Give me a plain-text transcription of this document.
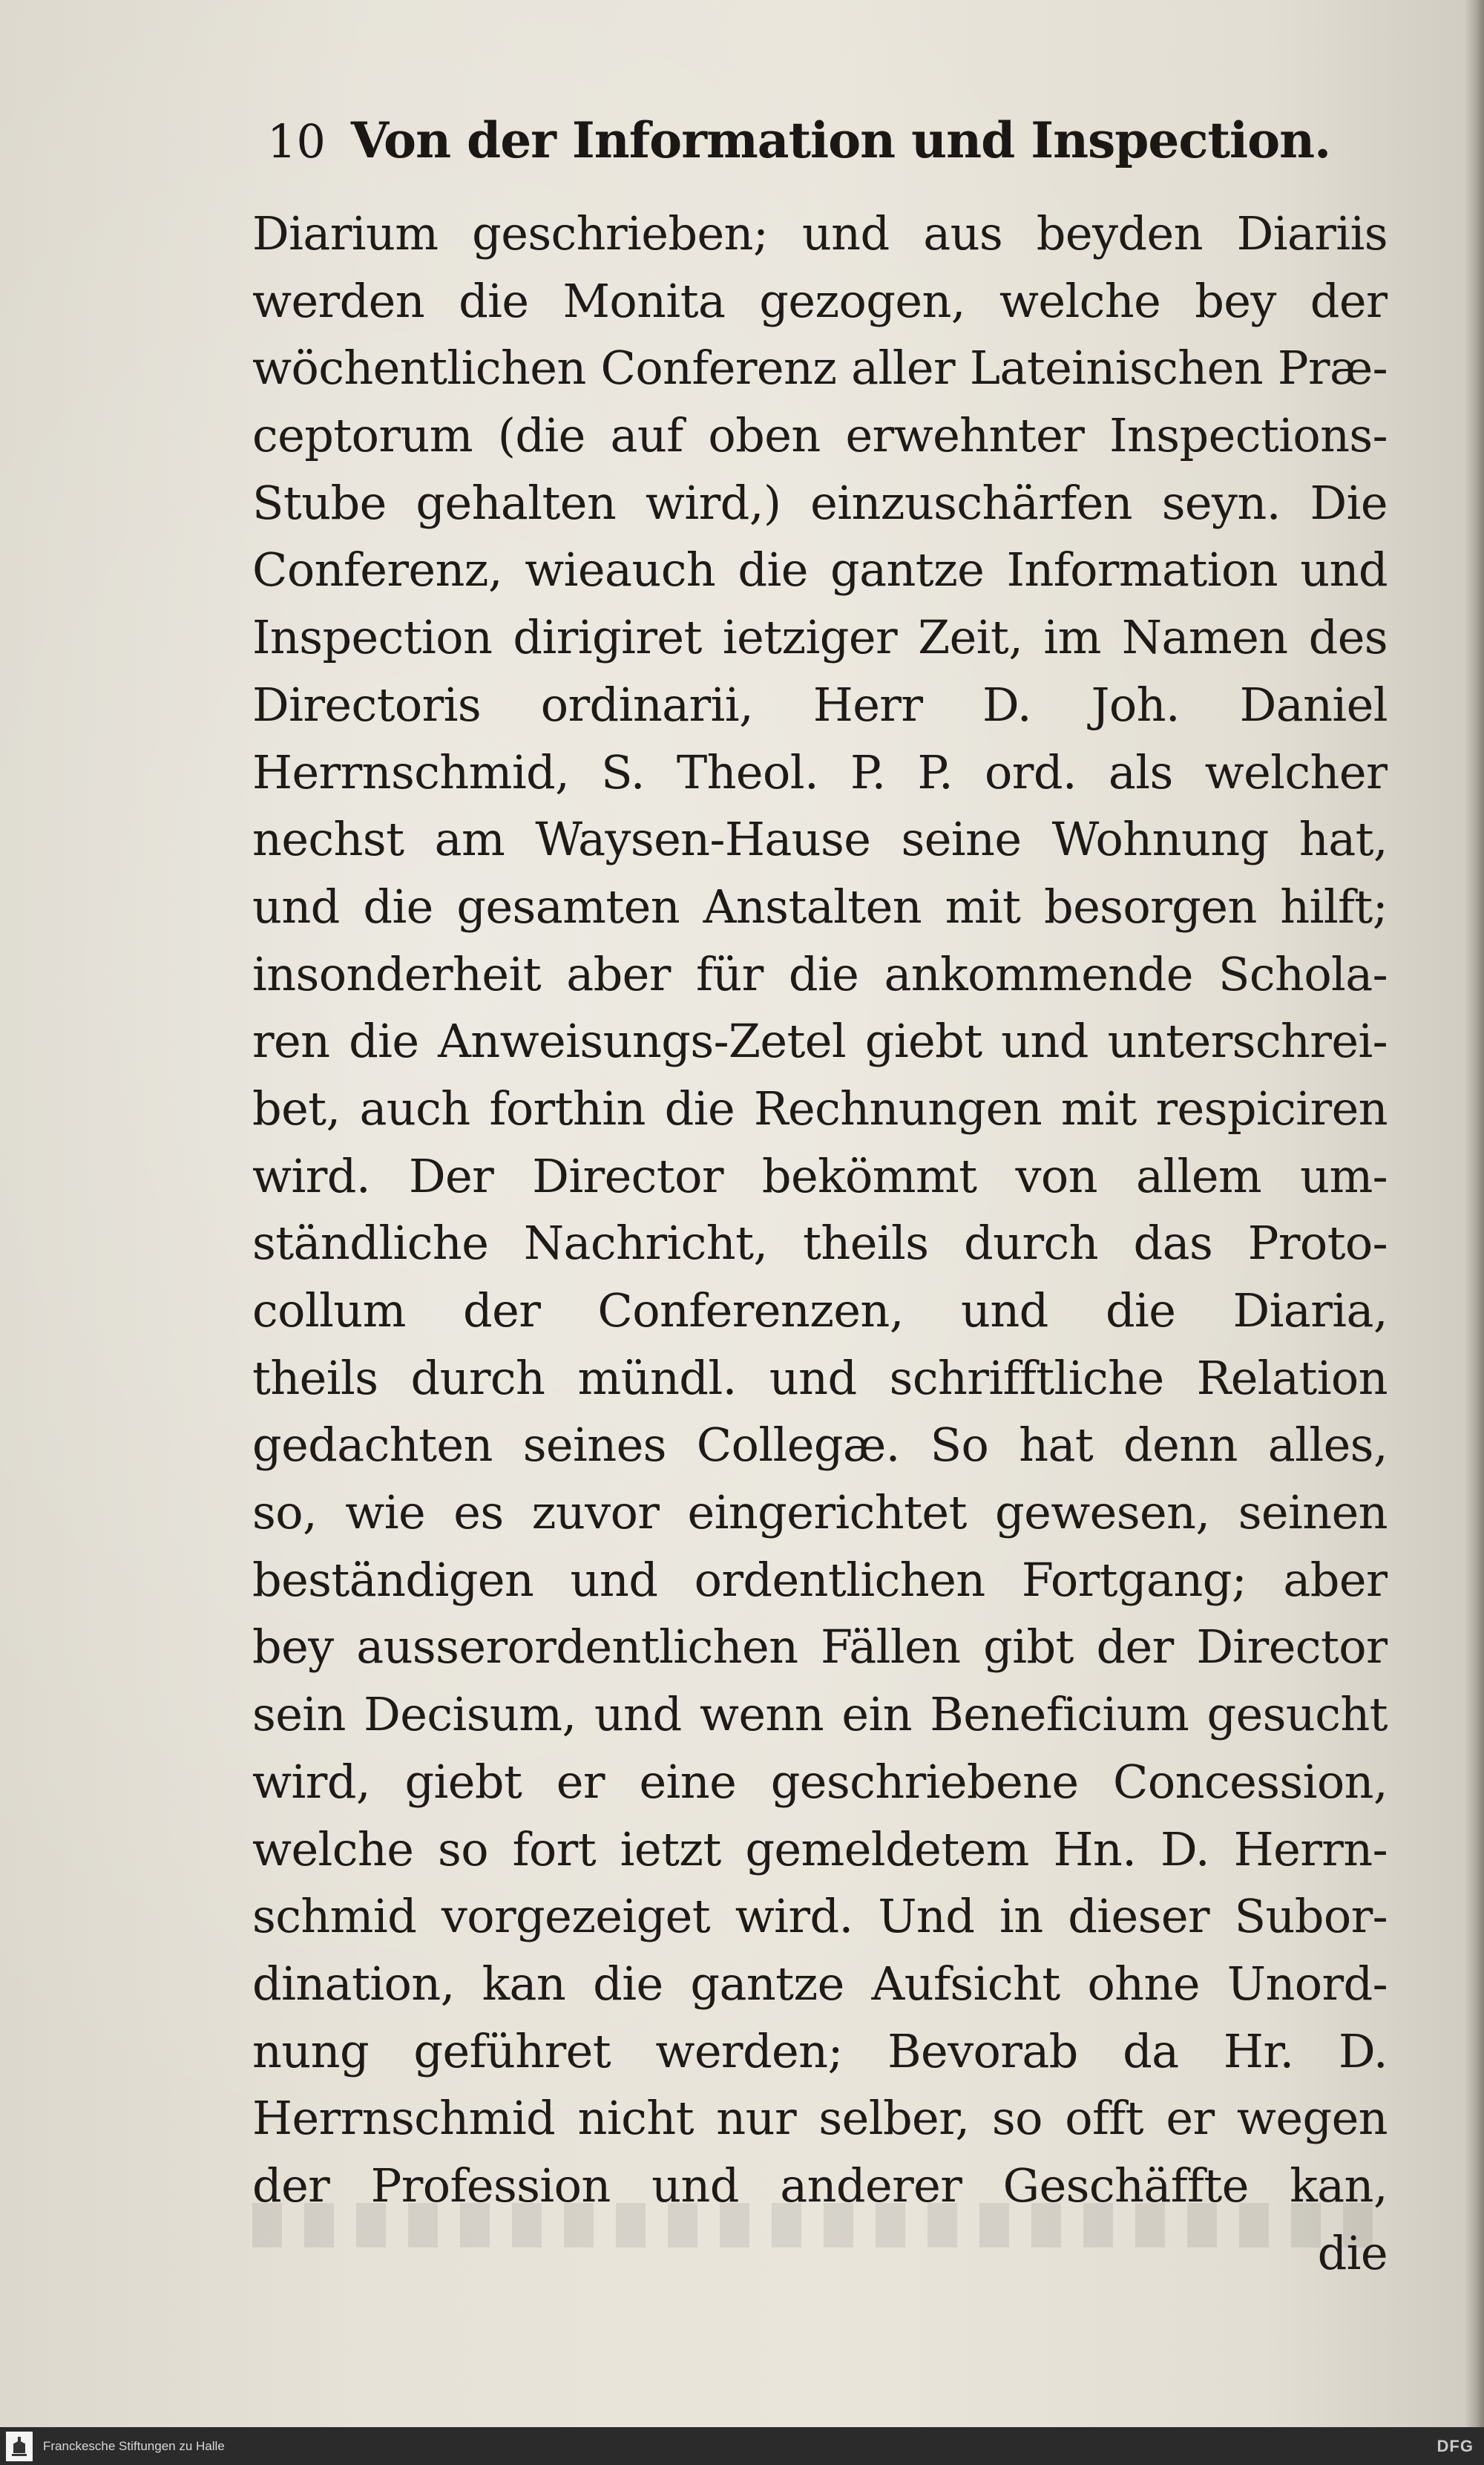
10 Von der Information und Inspection.
Diarium geschrieben; und aus beyden Diariis
werden die Monita gezogen, welche bey der
wöchentlichen Conferenz aller Lateinischen Præ-
ceptorum (die auf oben erwehnter Inspections-
Stube gehalten wird,) einzuschärfen seyn. Die
Conferenz, wieauch die gantze Information und
Inspection dirigiret ietziger Zeit, im Namen des
Directoris ordinarii, Herr D. Joh. Daniel
Herrnschmid, S. Theol. P. P. ord. als welcher
nechst am Waysen-Hause seine Wohnung hat,
und die gesamten Anstalten mit besorgen hilft;
insonderheit aber für die ankommende Schola-
ren die Anweisungs-Zetel giebt und unterschrei-
bet, auch forthin die Rechnungen mit respiciren
wird. Der Director bekömmt von allem um-
ständliche Nachricht, theils durch das Proto-
collum der Conferenzen, und die Diaria,
theils durch mündl. und schrifftliche Relation
gedachten seines Collegæ. So hat denn alles,
so, wie es zuvor eingerichtet gewesen, seinen
beständigen und ordentlichen Fortgang; aber
bey ausserordentlichen Fällen gibt der Director
sein Decisum, und wenn ein Beneficium gesucht
wird, giebt er eine geschriebene Concession,
welche so fort ietzt gemeldetem Hn. D. Herrn-
schmid vorgezeiget wird. Und in dieser Subor-
dination, kan die gantze Aufsicht ohne Unord-
nung geführet werden; Bevorab da Hr. D.
Herrnschmid nicht nur selber, so offt er wegen
der Profession und anderer Geschäffte kan,
die
Franckesche Stiftungen zu Halle	DFG
